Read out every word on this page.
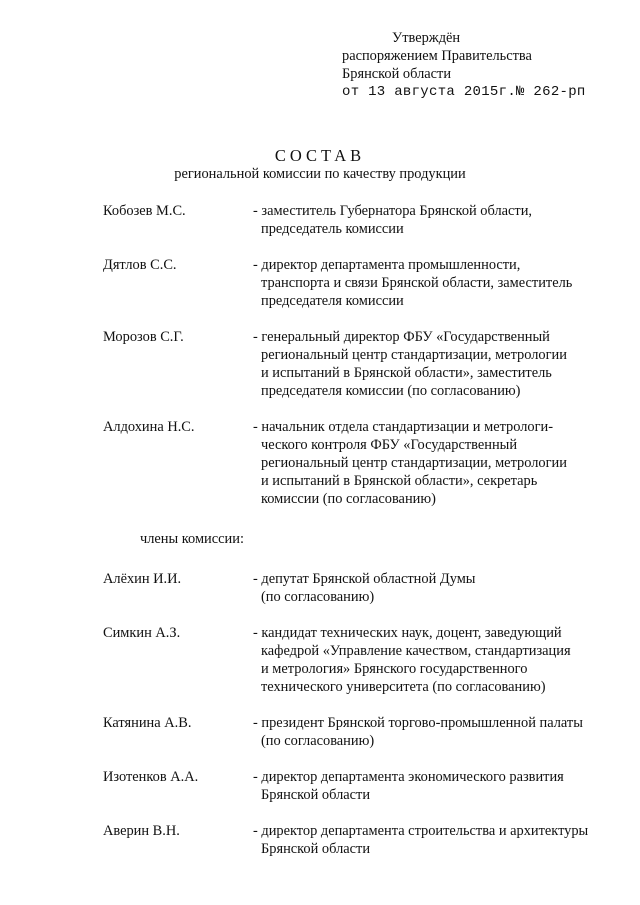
Утверждён
распоряжением Правительства
Брянской области
от 13 августа 2015г.№ 262-рп
СОСТАВ
региональной комиссии по качеству продукции
Кобозев М.С.	- заместитель Губернатора Брянской области,
председатель комиссии
Дятлов С.С.	- директор департамента промышленности,
транспорта и связи Брянской области, заместитель
председателя комиссии
Морозов С.Г.	- генеральный директор ФБУ «Государственный
региональный центр стандартизации, метрологии
и испытаний в Брянской области», заместитель
председателя комиссии (по согласованию)
Алдохина Н.С.	- начальник отдела стандартизации и метрологи-
ческого контроля ФБУ «Государственный
региональный центр стандартизации, метрологии
и испытаний в Брянской области», секретарь
комиссии (по согласованию)
члены комиссии:
Алёхин И.И.	- депутат Брянской областной Думы
(по согласованию)
Симкин А.З.	- кандидат технических наук, доцент, заведующий
кафедрой «Управление качеством, стандартизация
и метрология» Брянского государственного
технического университета (по согласованию)
Катянина А.В.	- президент Брянской торгово-промышленной палаты
(по согласованию)
Изотенков А.А.	- директор департамента экономического развития
Брянской области
Аверин В.Н.	- директор департамента строительства и архитектуры
Брянской области
